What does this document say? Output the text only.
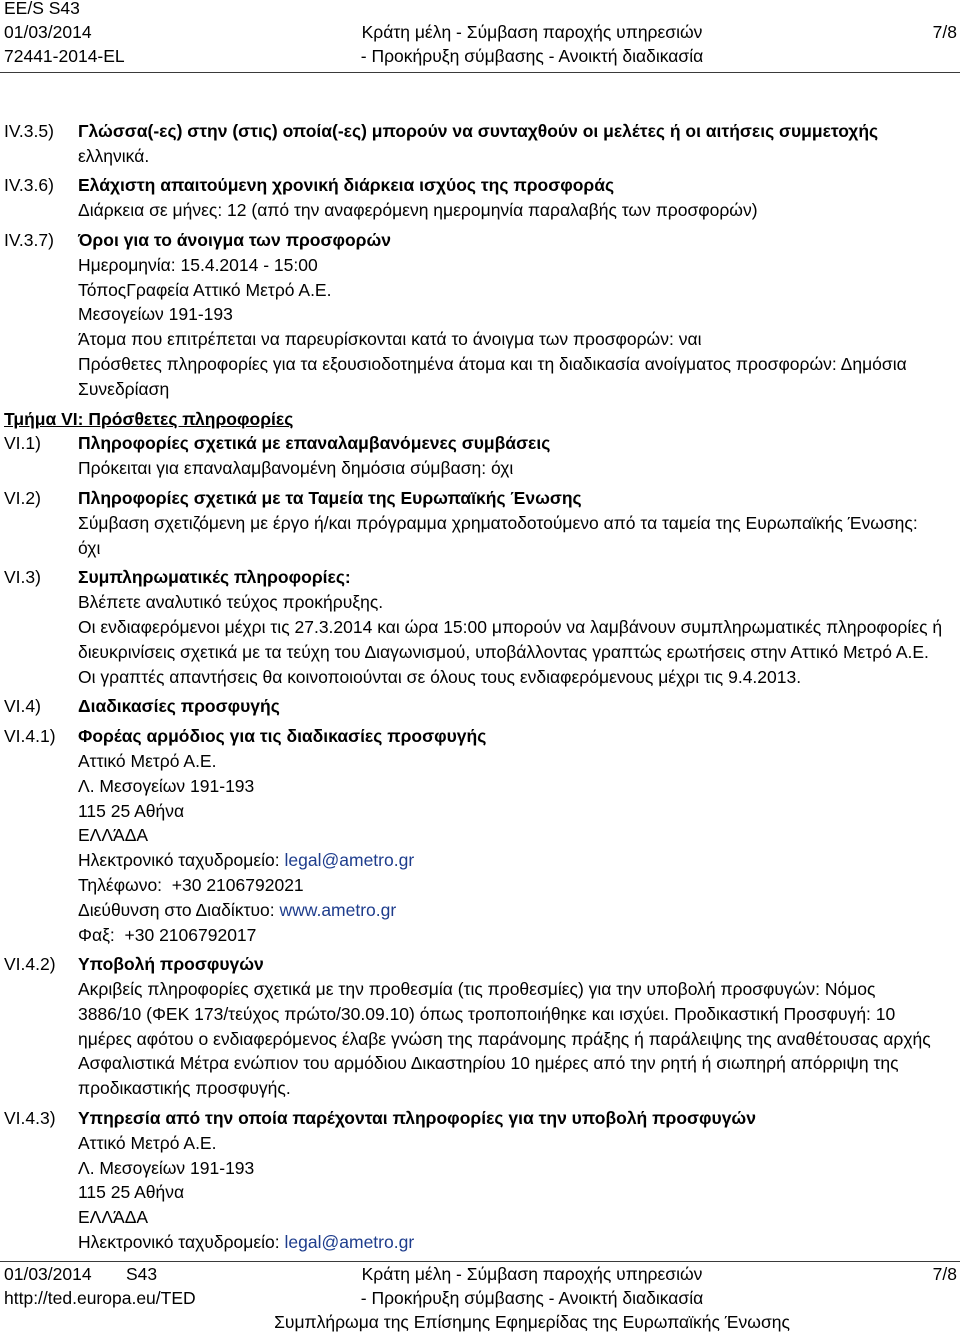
EE/S S43
01/03/2014	Κράτη μέλη - Σύμβαση παροχής υπηρεσιών	7/8
72441-2014-EL	- Προκήρυξη σύμβασης - Ανοικτή διαδικασία
IV.3.5) Γλώσσα(-ες) στην (στις) οποία(-ες) μπορούν να συνταχθούν οι μελέτες ή οι αιτήσεις συμμετοχής
ελληνικά.
IV.3.6) Ελάχιστη απαιτούμενη χρονική διάρκεια ισχύος της προσφοράς
Διάρκεια σε μήνες: 12 (από την αναφερόμενη ημερομηνία παραλαβής των προσφορών)
IV.3.7) Όροι για το άνοιγμα των προσφορών
Ημερομηνία: 15.4.2014 - 15:00
ΤόποςΓραφεία Αττικό Μετρό Α.Ε.
Μεσογείων 191-193
Άτομα που επιτρέπεται να παρευρίσκονται κατά το άνοιγμα των προσφορών: ναι
Πρόσθετες πληροφορίες για τα εξουσιοδοτημένα άτομα και τη διαδικασία ανοίγματος προσφορών: Δημόσια
Συνεδρίαση
Τμήμα VI: Πρόσθετες πληροφορίες
VI.1) Πληροφορίες σχετικά με επαναλαμβανόμενες συμβάσεις
Πρόκειται για επαναλαμβανομένη δημόσια σύμβαση: όχι
VI.2) Πληροφορίες σχετικά με τα Ταμεία της Ευρωπαϊκής Ένωσης
Σύμβαση σχετιζόμενη με έργο ή/και πρόγραμμα χρηματοδοτούμενο από τα ταμεία της Ευρωπαϊκής Ένωσης:
όχι
VI.3) Συμπληρωματικές πληροφορίες:
Βλέπετε αναλυτικό τεύχος προκήρυξης.
Οι ενδιαφερόμενοι μέχρι τις 27.3.2014 και ώρα 15:00 μπορούν να λαμβάνουν συμπληρωματικές πληροφορίες ή
διευκρινίσεις σχετικά με τα τεύχη του Διαγωνισμού, υποβάλλοντας γραπτώς ερωτήσεις στην Αττικό Μετρό Α.Ε.
Οι γραπτές απαντήσεις θα κοινοποιούνται σε όλους τους ενδιαφερόμενους μέχρι τις 9.4.2013.
VI.4) Διαδικασίες προσφυγής
VI.4.1) Φορέας αρμόδιος για τις διαδικασίες προσφυγής
Αττικό Μετρό Α.Ε.
Λ. Μεσογείων 191-193
115 25 Αθήνα
ΕΛΛΆΔΑ
Ηλεκτρονικό ταχυδρομείο: legal@ametro.gr
Τηλέφωνο:  +30 2106792021
Διεύθυνση στο Διαδίκτυο: www.ametro.gr
Φαξ:  +30 2106792017
VI.4.2) Υποβολή προσφυγών
Ακριβείς πληροφορίες σχετικά με την προθεσμία (τις προθεσμίες) για την υποβολή προσφυγών: Νόμος
3886/10 (ΦΕΚ 173/τεύχος πρώτο/30.09.10) όπως τροποποιήθηκε και ισχύει. Προδικαστική Προσφυγή: 10
ημέρες αφότου ο ενδιαφερόμενος έλαβε γνώση της παράνομης πράξης ή παράλειψης της αναθέτουσας αρχής
Ασφαλιστικά Μέτρα ενώπιον του αρμόδιου Δικαστηρίου 10 ημέρες από την ρητή ή σιωπηρή απόρριψη της
προδικαστικής προσφυγής.
VI.4.3) Υπηρεσία από την οποία παρέχονται πληροφορίες για την υποβολή προσφυγών
Αττικό Μετρό Α.Ε.
Λ. Μεσογείων 191-193
115 25 Αθήνα
ΕΛΛΆΔΑ
Ηλεκτρονικό ταχυδρομείο: legal@ametro.gr
01/03/2014 S43	Κράτη μέλη - Σύμβαση παροχής υπηρεσιών	7/8
http://ted.europa.eu/TED	- Προκήρυξη σύμβασης - Ανοικτή διαδικασία
Συμπλήρωμα της Επίσημης Εφημερίδας της Ευρωπαϊκής Ένωσης
